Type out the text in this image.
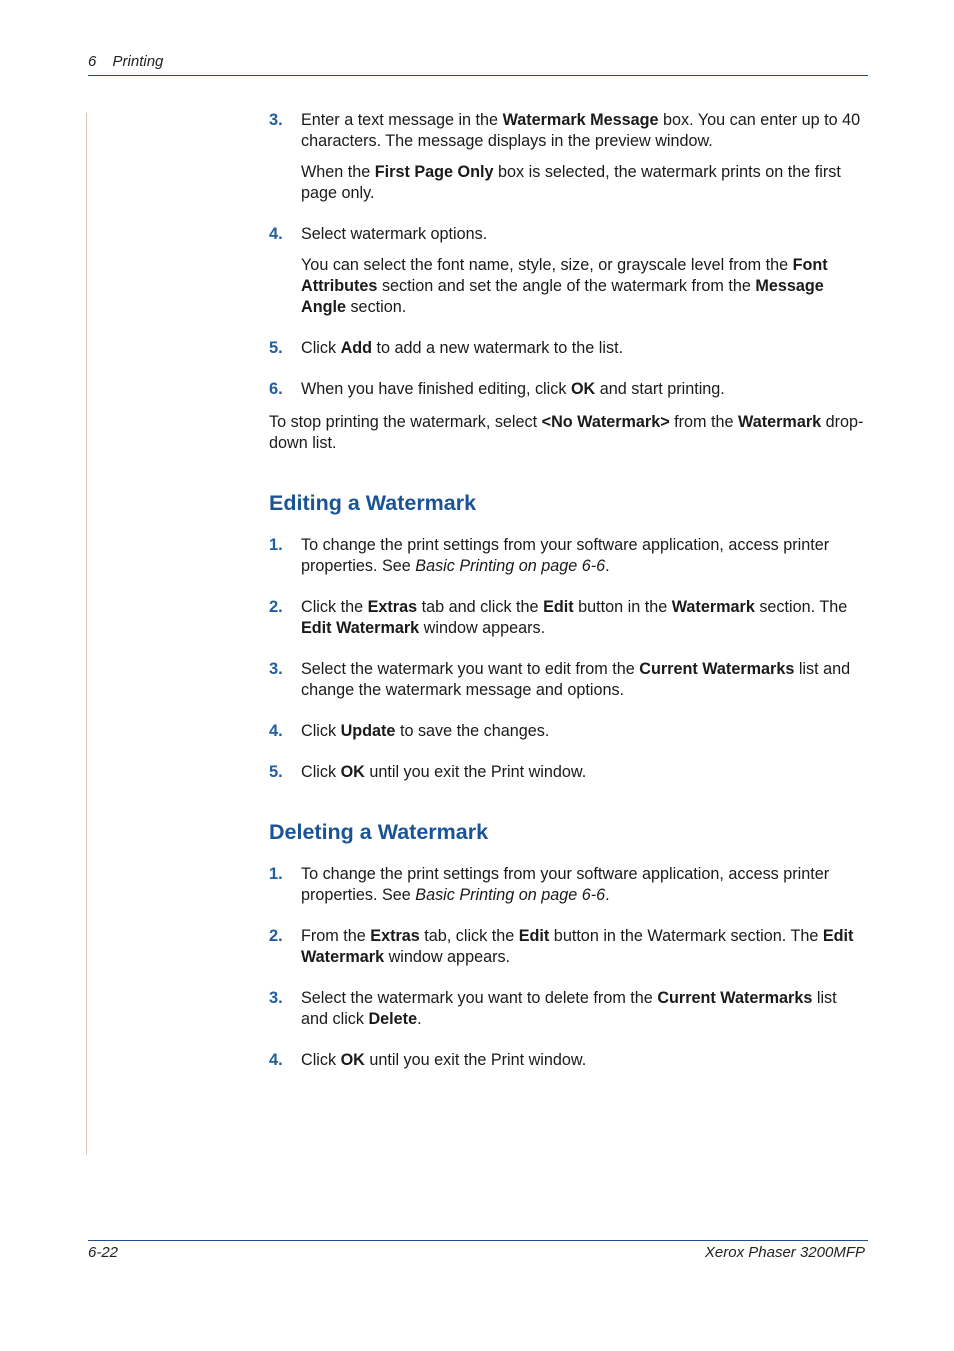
6 Printing
3. Enter a text message in the Watermark Message box. You can enter up to 40 characters. The message displays in the preview window.

When the First Page Only box is selected, the watermark prints on the first page only.

4. Select watermark options.

You can select the font name, style, size, or grayscale level from the Font Attributes section and set the angle of the watermark from the Message Angle section.

5. Click Add to add a new watermark to the list.

6. When you have finished editing, click OK and start printing.

To stop printing the watermark, select <No Watermark> from the Watermark drop-down list.

Editing a Watermark
1. To change the print settings from your software application, access printer properties. See Basic Printing on page 6-6.

2. Click the Extras tab and click the Edit button in the Watermark section. The Edit Watermark window appears.

3. Select the watermark you want to edit from the Current Watermarks list and change the watermark message and options.

4. Click Update to save the changes.

5. Click OK until you exit the Print window.

Deleting a Watermark
1. To change the print settings from your software application, access printer properties. See Basic Printing on page 6-6.

2. From the Extras tab, click the Edit button in the Watermark section. The Edit Watermark window appears.

3. Select the watermark you want to delete from the Current Watermarks list and click Delete.

4. Click OK until you exit the Print window.

6-22	Xerox Phaser 3200MFP
